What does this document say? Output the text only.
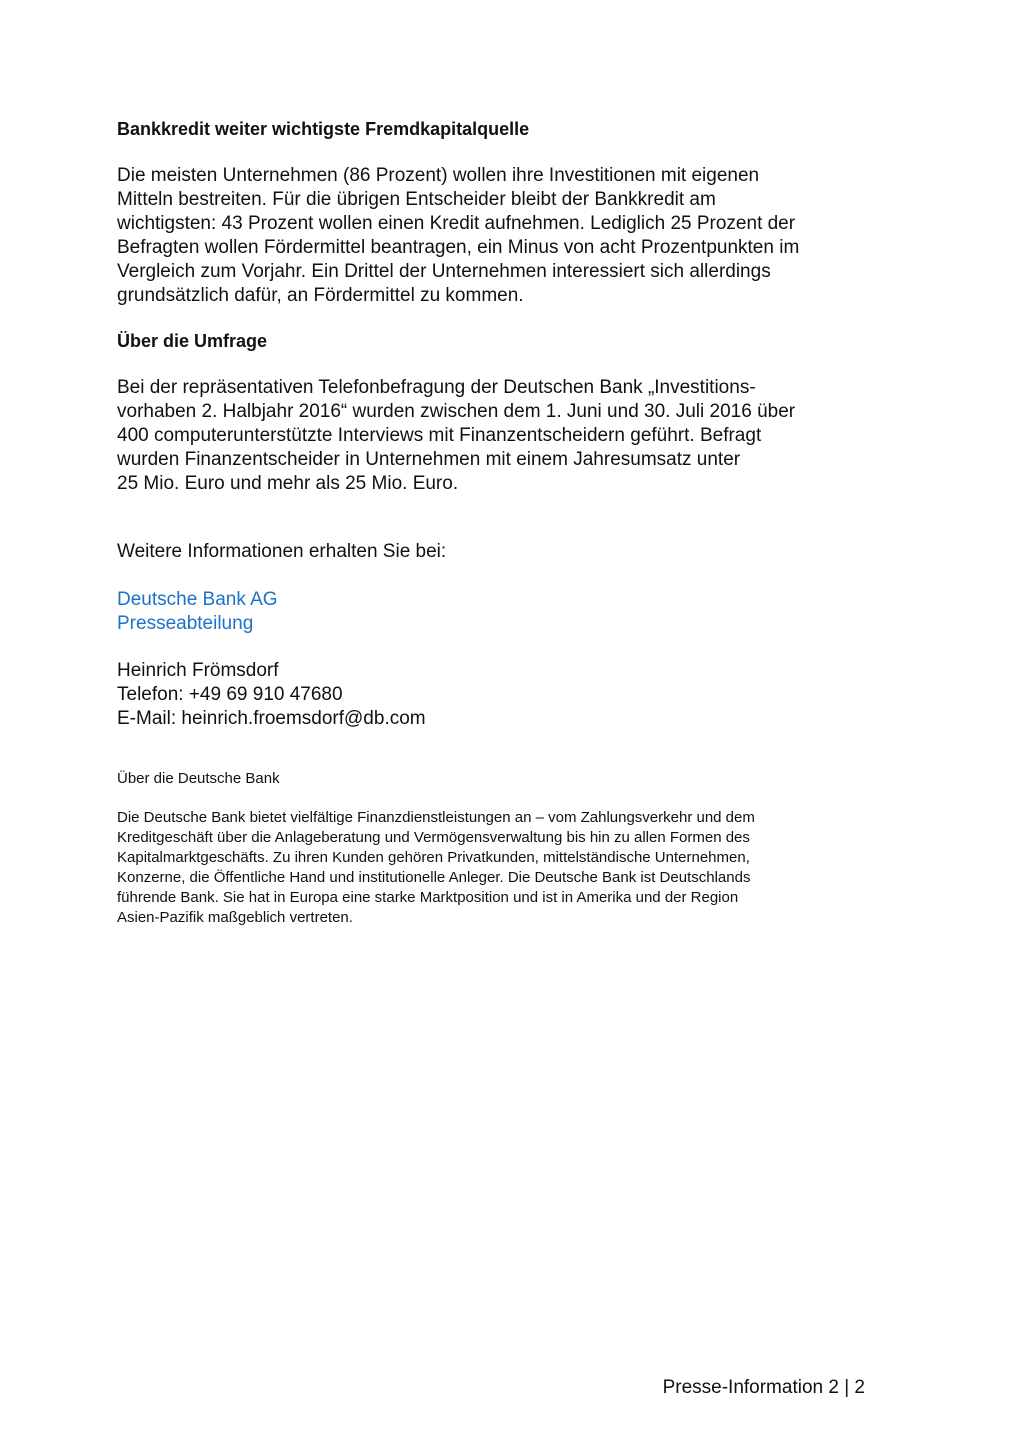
Bankkredit weiter wichtigste Fremdkapitalquelle

Die meisten Unternehmen (86 Prozent) wollen ihre Investitionen mit eigenen
Mitteln bestreiten. Für die übrigen Entscheider bleibt der Bankkredit am
wichtigsten: 43 Prozent wollen einen Kredit aufnehmen. Lediglich 25 Prozent der
Befragten wollen Fördermittel beantragen, ein Minus von acht Prozentpunkten im
Vergleich zum Vorjahr. Ein Drittel der Unternehmen interessiert sich allerdings
grundsätzlich dafür, an Fördermittel zu kommen.

Über die Umfrage

Bei der repräsentativen Telefonbefragung der Deutschen Bank „Investitions-
vorhaben 2. Halbjahr 2016“ wurden zwischen dem 1. Juni und 30. Juli 2016 über
400 computerunterstützte Interviews mit Finanzentscheidern geführt. Befragt
wurden Finanzentscheider in Unternehmen mit einem Jahresumsatz unter
25 Mio. Euro und mehr als 25 Mio. Euro.
Weitere Informationen erhalten Sie bei:
Deutsche Bank AG
Presseabteilung
Heinrich Frömsdorf
Telefon: +49 69 910 47680
E-Mail: heinrich.froemsdorf@db.com

Über die Deutsche Bank

Die Deutsche Bank bietet vielfältige Finanzdienstleistungen an – vom Zahlungsverkehr und dem
Kreditgeschäft über die Anlageberatung und Vermögensverwaltung bis hin zu allen Formen des
Kapitalmarktgeschäfts. Zu ihren Kunden gehören Privatkunden, mittelständische Unternehmen,
Konzerne, die Öffentliche Hand und institutionelle Anleger. Die Deutsche Bank ist Deutschlands
führende Bank. Sie hat in Europa eine starke Marktposition und ist in Amerika und der Region
Asien-Pazifik maßgeblich vertreten.
Presse-Information 2 | 2
